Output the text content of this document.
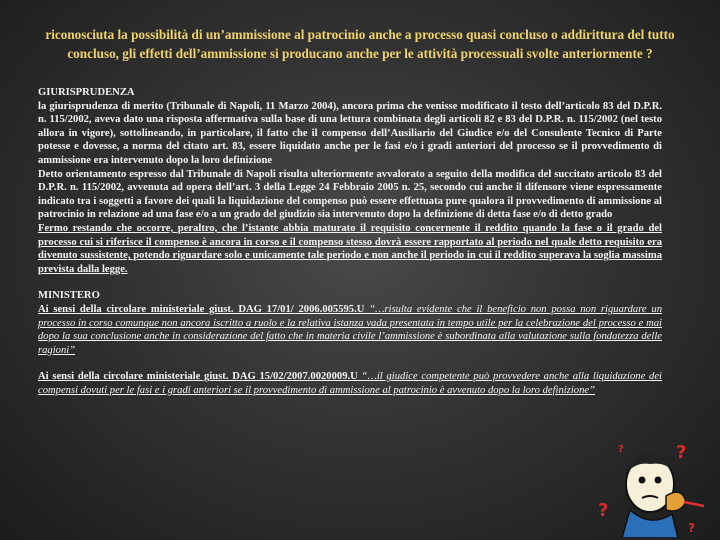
riconosciuta la possibilità di un’ammissione al patrocinio anche a processo quasi concluso o addirittura del tutto concluso, gli effetti dell’ammissione si producano anche per le attività processuali svolte anteriormente ?

GIURISPRUDENZA

la giurisprudenza di merito (Tribunale di Napoli, 11 Marzo 2004), ancora prima che venisse modificato il testo dell’articolo 83 del D.P.R. n. 115/2002, aveva dato una risposta affermativa sulla base di una lettura combinata degli articoli 82 e 83 del D.P.R. n. 115/2002 (nel testo allora in vigore), sottolineando, in particolare, il fatto che il compenso dell’Ausiliario del Giudice e/o del Consulente Tecnico di Parte potesse e dovesse, a norma del citato art. 83, essere liquidato anche per le fasi e/o i gradi anteriori del processo se il provvedimento di ammissione era intervenuto dopo la loro definizione

Detto orientamento espresso dal Tribunale di Napoli risulta ulteriormente avvalorato a seguito della modifica del succitato articolo 83 del D.P.R. n. 115/2002, avvenuta ad opera dell’art. 3 della Legge 24 Febbraio 2005 n. 25, secondo cui anche il difensore viene espressamente indicato tra i soggetti a favore dei quali la liquidazione del compenso può essere effettuata pure qualora il provvedimento di ammissione al patrocinio in relazione ad una fase e/o a un grado del giudizio sia intervenuto dopo la definizione di detta fase e/o di detto grado

Fermo restando che occorre, peraltro, che l’istante abbia maturato il requisito concernente il reddito quando la fase o il grado del processo cui si riferisce il compenso è ancora in corso e il compenso stesso dovrà essere rapportato al periodo nel quale detto requisito era divenuto sussistente, potendo riguardare solo e unicamente tale periodo e non anche il periodo in cui il reddito superava la soglia massima prevista dalla legge.

MINISTERO

Ai sensi della circolare ministeriale giust. DAG 17/01/ 2006.005595.U “…risulta evidente che il beneficio non possa non riguardare un processo in corso comunque non ancora iscritto a ruolo e la relativa istanza vada presentata in tempo utile per la celebrazione del processo e mai dopo la sua conclusione anche in considerazione del fatto che in materia civile l’ammissione è subordinata alla valutazione sulla fondatezza delle ragioni”

Ai sensi della circolare ministeriale giust. DAG 15/02/2007.0020009.U “…il giudice competente può provvedere anche alla liquidazione dei compensi dovuti per le fasi e i gradi anteriori se il provvedimento di ammissione al patrocinio è avvenuto dopo la loro definizione”

?
?
?
?
